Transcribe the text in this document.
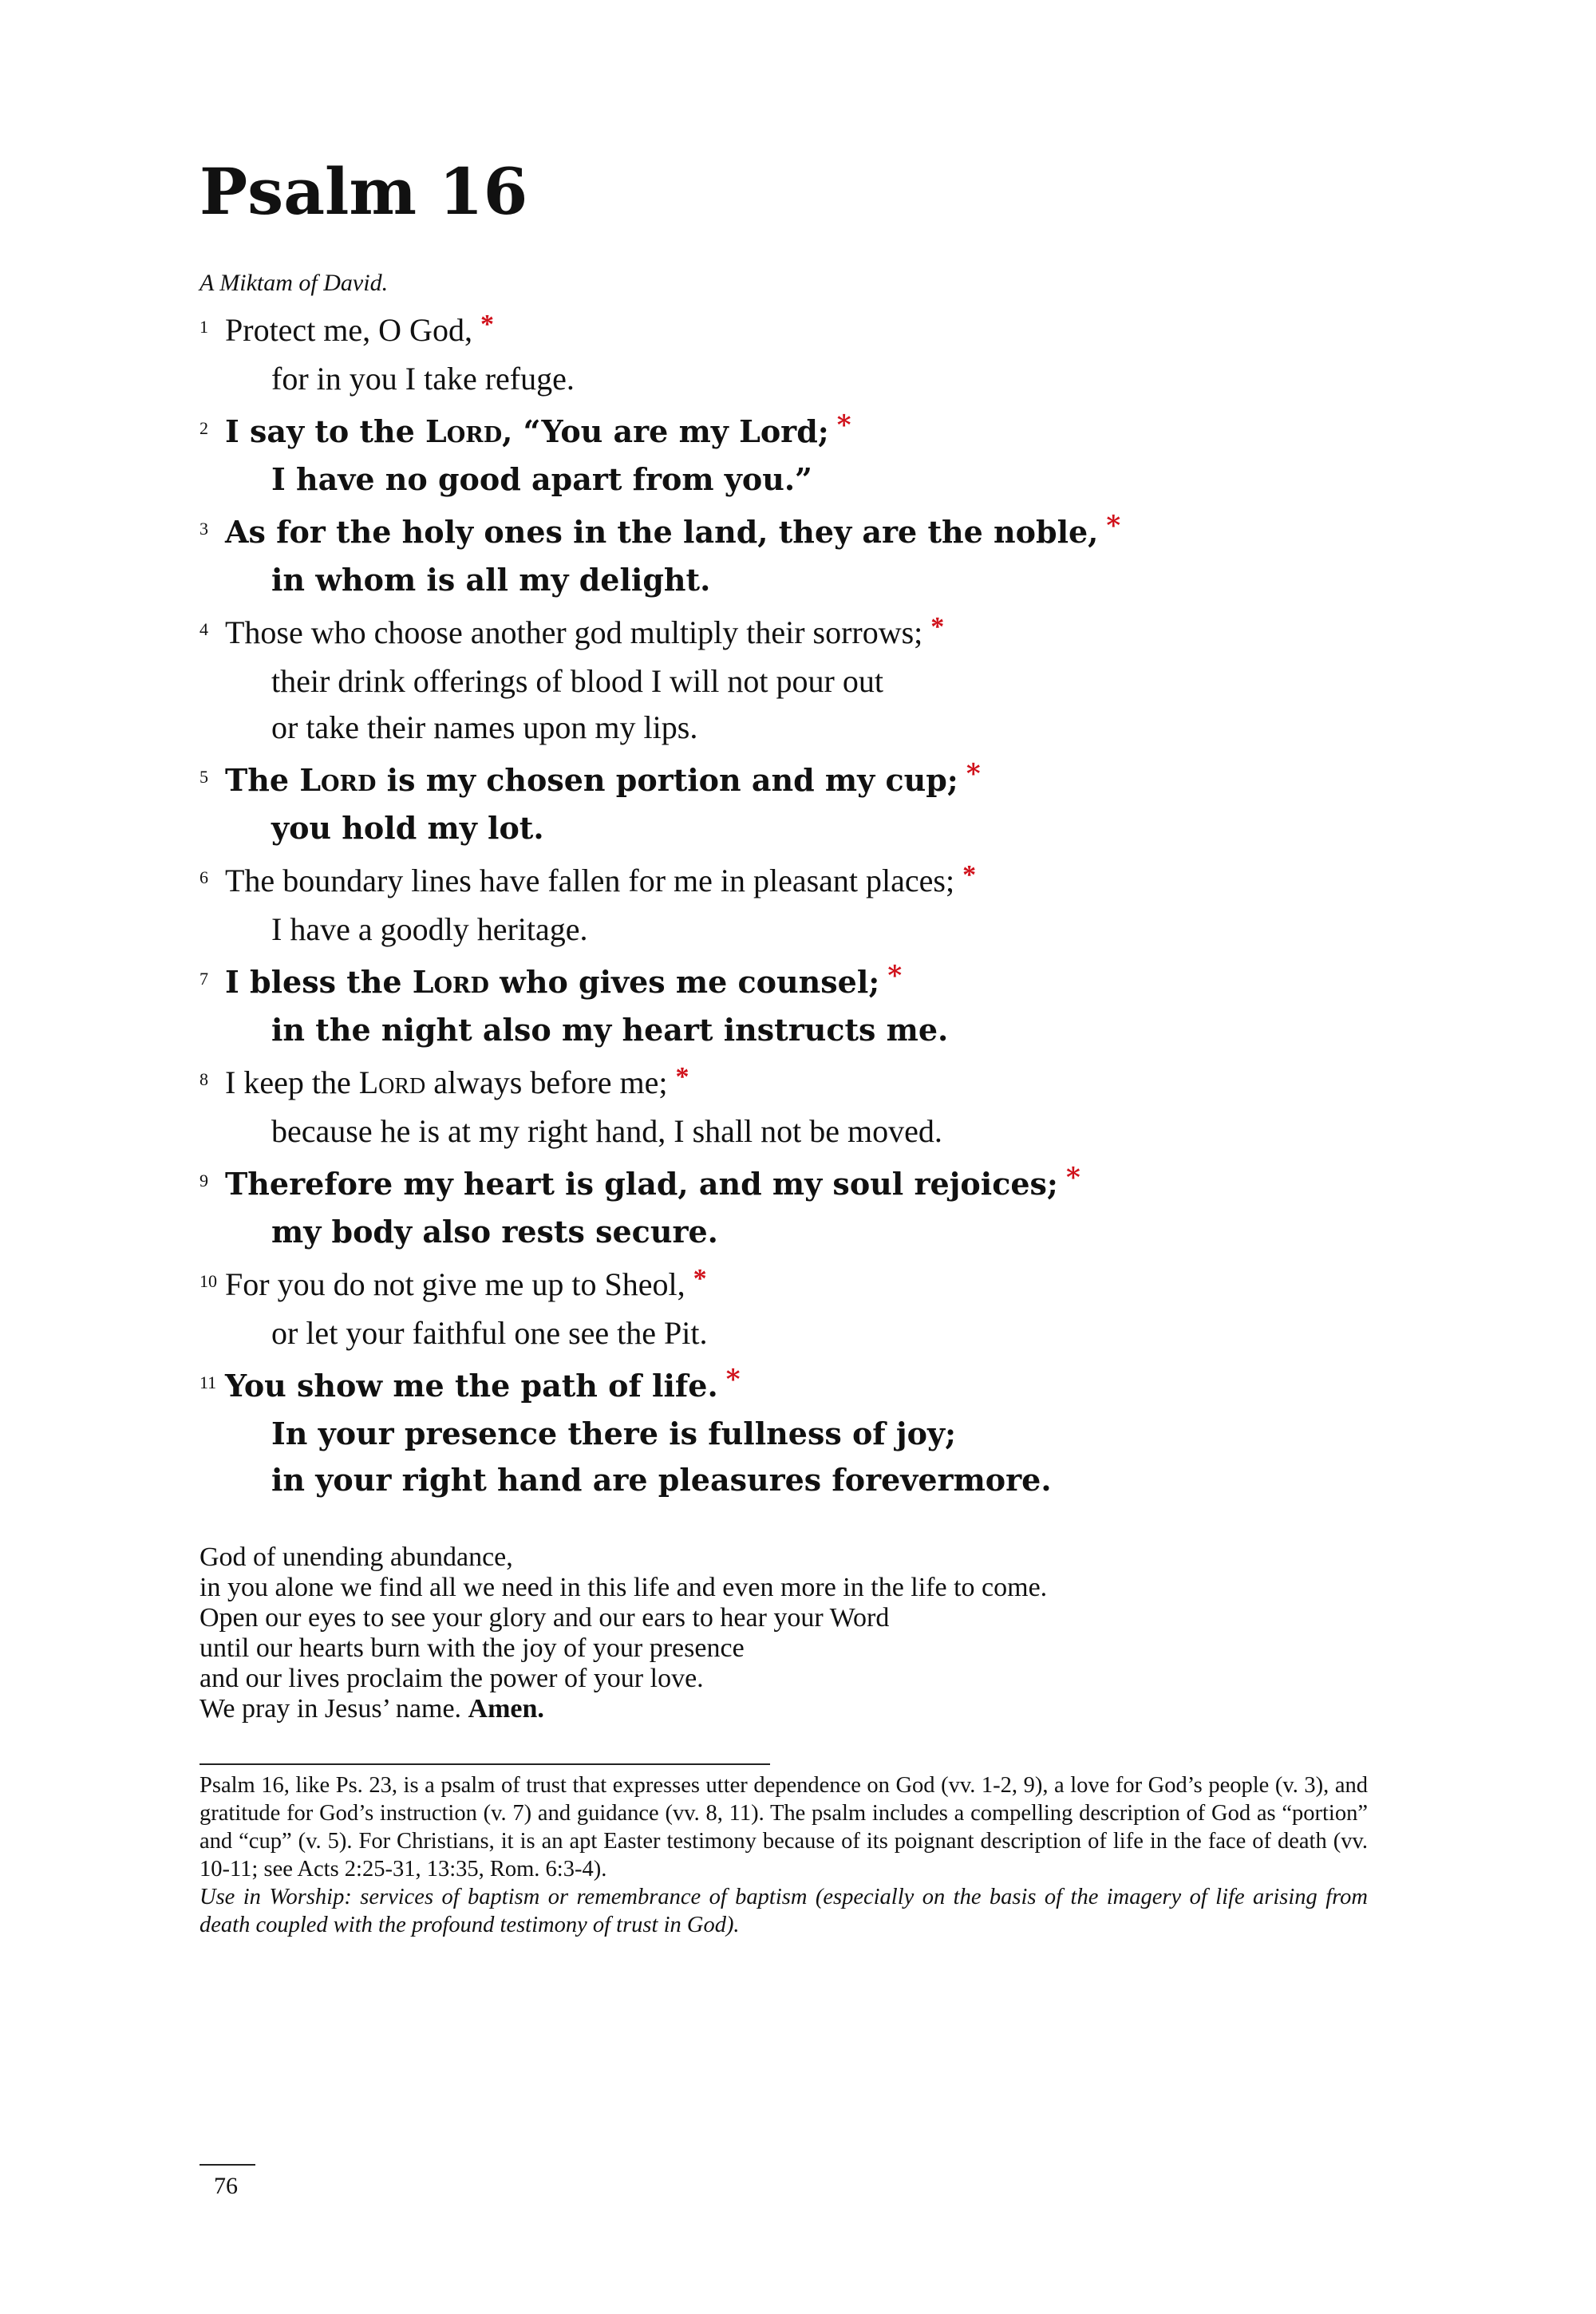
Psalm 16
A Miktam of David.
1 Protect me, O God, *
for in you I take refuge.
2 I say to the Lord, “You are my Lord; *
I have no good apart from you.”
3 As for the holy ones in the land, they are the noble, *
in whom is all my delight.
4 Those who choose another god multiply their sorrows; *
their drink offerings of blood I will not pour out
or take their names upon my lips.
5 The Lord is my chosen portion and my cup; *
you hold my lot.
6 The boundary lines have fallen for me in pleasant places; *
I have a goodly heritage.
7 I bless the Lord who gives me counsel; *
in the night also my heart instructs me.
8 I keep the Lord always before me; *
because he is at my right hand, I shall not be moved.
9 Therefore my heart is glad, and my soul rejoices; *
my body also rests secure.
10 For you do not give me up to Sheol, *
or let your faithful one see the Pit.
11 You show me the path of life. *
In your presence there is fullness of joy;
in your right hand are pleasures forevermore.
God of unending abundance,
in you alone we find all we need in this life and even more in the life to come.
Open our eyes to see your glory and our ears to hear your Word
until our hearts burn with the joy of your presence
and our lives proclaim the power of your love.
We pray in Jesus’ name. Amen.

Psalm 16, like Ps. 23, is a psalm of trust that expresses utter dependence on God (vv. 1-2, 9), a love for God’s people (v. 3), and gratitude for God’s instruction (v. 7) and guidance (vv. 8, 11). The psalm includes a compelling description of God as “portion” and “cup” (v. 5). For Christians, it is an apt Easter testimony because of its poignant description of life in the face of death (vv. 10-11; see Acts 2:25-31, 13:35, Rom. 6:3-4).

Use in Worship: services of baptism or remembrance of baptism (especially on the basis of the imagery of life arising from death coupled with the profound testimony of trust in God).

76
